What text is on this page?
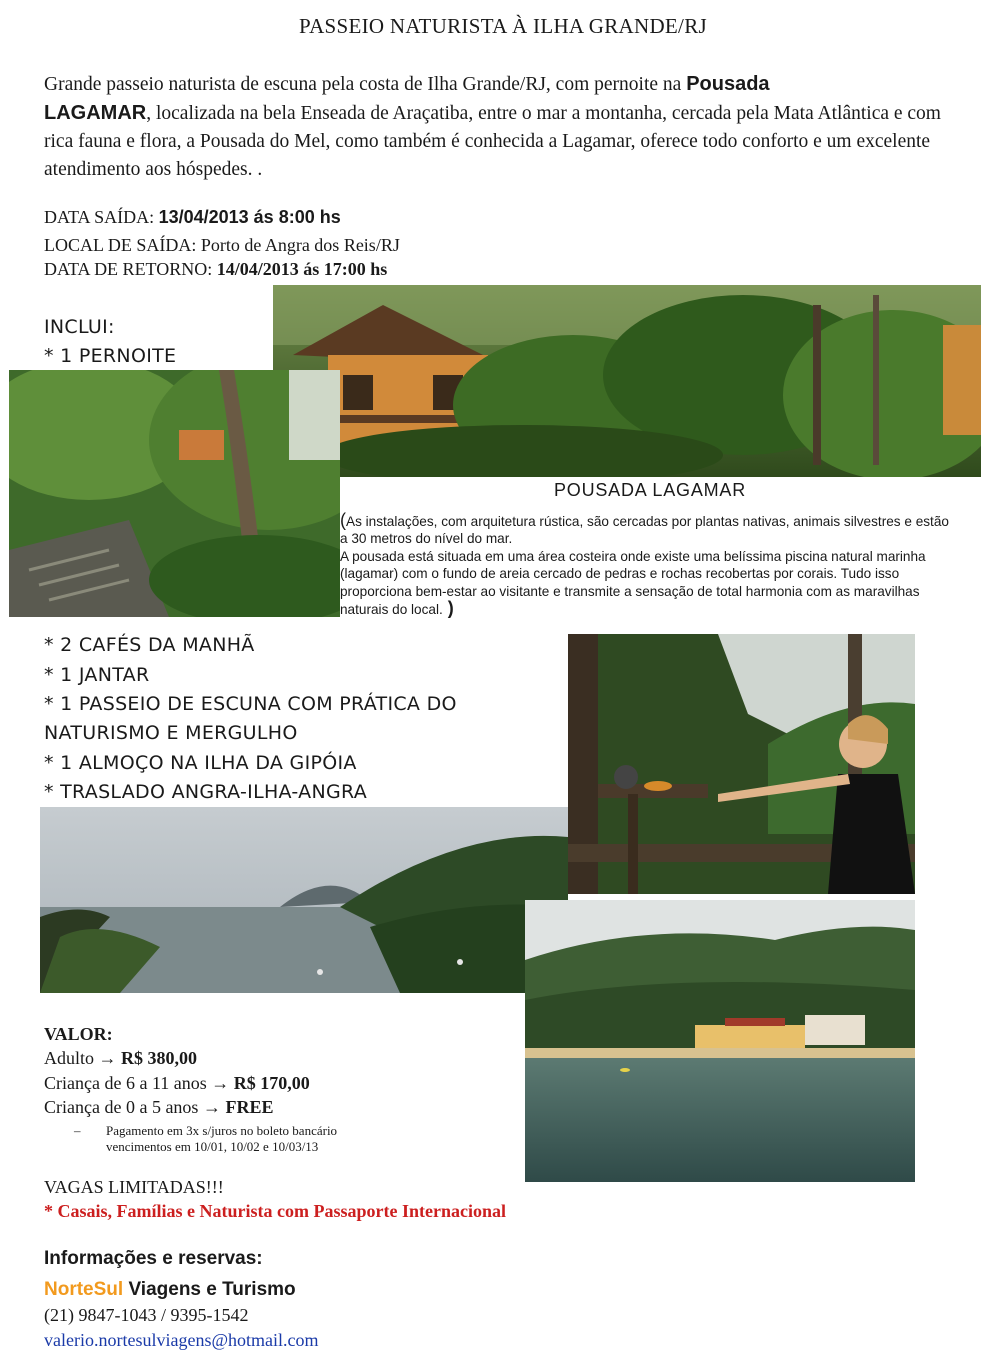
PASSEIO NATURISTA À ILHA GRANDE/RJ
Grande passeio naturista de escuna pela costa de Ilha Grande/RJ, com pernoite na Pousada
LAGAMAR, localizada na bela Enseada de Araçatiba, entre o mar a montanha, cercada pela Mata Atlântica e com rica fauna e flora, a Pousada do Mel, como também é conhecida a Lagamar, oferece todo conforto e um excelente atendimento aos hóspedes. .
DATA SAÍDA: 13/04/2013 ás 8:00 hs
LOCAL DE SAÍDA: Porto de Angra dos Reis/RJ
DATA DE RETORNO: 14/04/2013 ás 17:00 hs
INCLUI:
* 1 PERNOITE
* 2 CAFÉS DA MANHÃ
* 1 JANTAR
* 1 PASSEIO DE ESCUNA COM PRÁTICA DO
NATURISMO E MERGULHO
* 1 ALMOÇO NA ILHA DA GIPÓIA
* TRASLADO ANGRA-ILHA-ANGRA
POUSADA LAGAMAR
(As instalações, com arquitetura rústica, são cercadas por plantas nativas, animais silvestres e estão a 30 metros do nível do mar.
A pousada está situada em uma área costeira onde existe uma belíssima piscina natural marinha (lagamar) com o fundo de areia cercado de pedras e rochas recobertas por corais. Tudo isso proporciona bem-estar ao visitante e transmite a sensação de total harmonia com as maravilhas naturais do local. )
VALOR:
Adulto → R$ 380,00
Criança de 6 a 11 anos → R$ 170,00
Criança de 0 a 5 anos → FREE
– Pagamento em 3x s/juros no boleto bancário
vencimentos em 10/01, 10/02 e 10/03/13
VAGAS LIMITADAS!!!
* Casais, Famílias e Naturista com Passaporte Internacional
Informações e reservas:
NorteSul Viagens e Turismo
(21) 9847-1043 / 9395-1542
valerio.nortesulviagens@hotmail.com
